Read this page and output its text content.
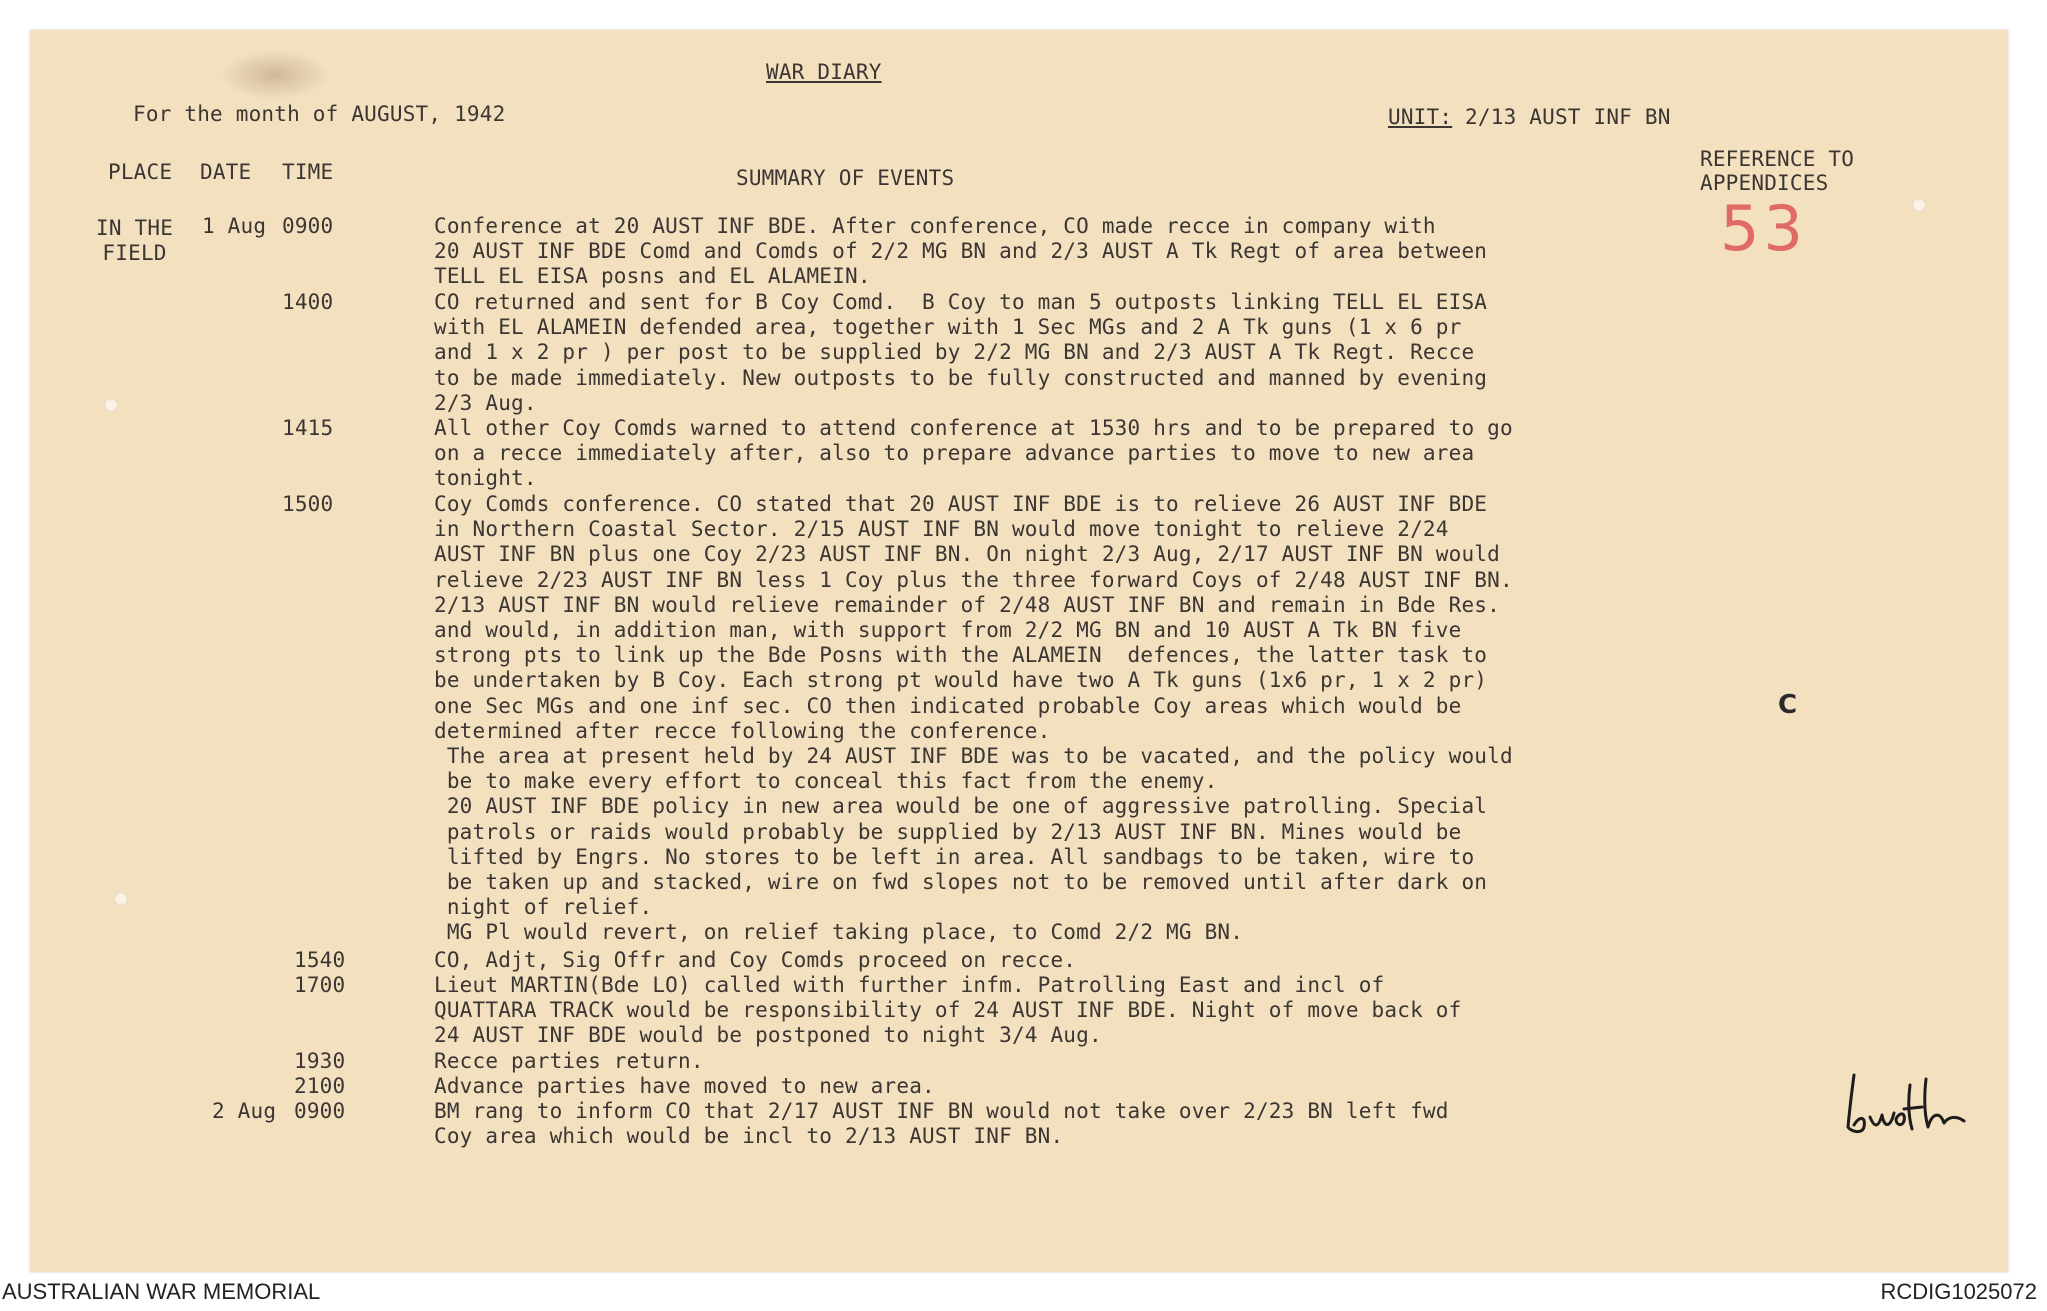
WAR DIARY
For the month of AUGUST, 1942	UNIT: 2/13 AUST INF BN
PLACE DATE TIME	SUMMARY OF EVENTS
REFERENCE TO
APPENDICES
53
IN THE
FIELD
1 Aug 0900	Conference at 20 AUST INF BDE. After conference, CO made recce in company with
20 AUST INF BDE Comd and Comds of 2/2 MG BN and 2/3 AUST A Tk Regt of area between
TELL EL EISA posns and EL ALAMEIN.
1400	CO returned and sent for B Coy Comd.  B Coy to man 5 outposts linking TELL EL EISA
with EL ALAMEIN defended area, together with 1 Sec MGs and 2 A Tk guns (1 x 6 pr
and 1 x 2 pr ) per post to be supplied by 2/2 MG BN and 2/3 AUST A Tk Regt. Recce
to be made immediately. New outposts to be fully constructed and manned by evening
2/3 Aug.
1415	All other Coy Comds warned to attend conference at 1530 hrs and to be prepared to go
on a recce immediately after, also to prepare advance parties to move to new area
tonight.
1500	Coy Comds conference. CO stated that 20 AUST INF BDE is to relieve 26 AUST INF BDE
in Northern Coastal Sector. 2/15 AUST INF BN would move tonight to relieve 2/24
AUST INF BN plus one Coy 2/23 AUST INF BN. On night 2/3 Aug, 2/17 AUST INF BN would
relieve 2/23 AUST INF BN less 1 Coy plus the three forward Coys of 2/48 AUST INF BN.
2/13 AUST INF BN would relieve remainder of 2/48 AUST INF BN and remain in Bde Res.
and would, in addition man, with support from 2/2 MG BN and 10 AUST A Tk BN five
strong pts to link up the Bde Posns with the ALAMEIN  defences, the latter task to
be undertaken by B Coy. Each strong pt would have two A Tk guns (1x6 pr, 1 x 2 pr)
one Sec MGs and one inf sec. CO then indicated probable Coy areas which would be
determined after recce following the conference.
The area at present held by 24 AUST INF BDE was to be vacated, and the policy would
be to make every effort to conceal this fact from the enemy.
20 AUST INF BDE policy in new area would be one of aggressive patrolling. Special
patrols or raids would probably be supplied by 2/13 AUST INF BN. Mines would be
lifted by Engrs. No stores to be left in area. All sandbags to be taken, wire to
be taken up and stacked, wire on fwd slopes not to be removed until after dark on
night of relief.
MG Pl would revert, on relief taking place, to Comd 2/2 MG BN.
1540	CO, Adjt, Sig Offr and Coy Comds proceed on recce.
1700	Lieut MARTIN(Bde LO) called with further infm. Patrolling East and incl of
QUATTARA TRACK would be responsibility of 24 AUST INF BDE. Night of move back of
24 AUST INF BDE would be postponed to night 3/4 Aug.
1930	Recce parties return.
2100	Advance parties have moved to new area.
2 Aug 0900	BM rang to inform CO that 2/17 AUST INF BN would not take over 2/23 BN left fwd
Coy area which would be incl to 2/13 AUST INF BN.
C
AUSTRALIAN WAR MEMORIAL	RCDIG1025072
